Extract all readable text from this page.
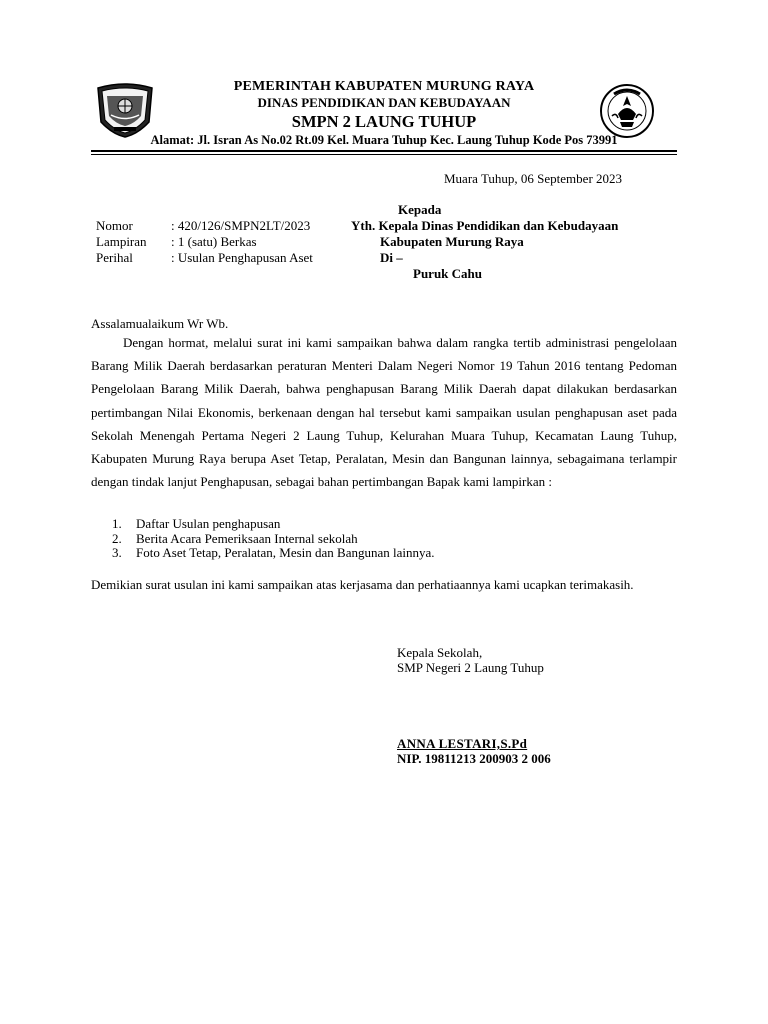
PEMERINTAH KABUPATEN MURUNG RAYA
DINAS PENDIDIKAN DAN KEBUDAYAAN
SMPN 2 LAUNG TUHUP
Alamat: Jl. Isran As No.02 Rt.09 Kel. Muara Tuhup Kec. Laung Tuhup Kode Pos 73991
Muara Tuhup, 06 September 2023
Kepada
Yth. Kepala Dinas Pendidikan dan Kebudayaan
Kabupaten Murung Raya
Di –
Puruk Cahu
Nomor	: 420/126/SMPN2LT/2023
Lampiran	: 1 (satu) Berkas
Perihal	: Usulan Penghapusan Aset
Assalamualaikum Wr Wb.
Dengan hormat, melalui surat ini kami sampaikan bahwa dalam rangka tertib administrasi pengelolaan Barang Milik Daerah berdasarkan peraturan Menteri Dalam Negeri Nomor 19 Tahun 2016 tentang Pedoman Pengelolaan Barang Milik Daerah, bahwa penghapusan Barang Milik Daerah dapat dilakukan berdasarkan pertimbangan Nilai Ekonomis, berkenaan dengan hal tersebut kami sampaikan usulan penghapusan aset pada Sekolah Menengah Pertama Negeri 2 Laung Tuhup, Kelurahan Muara Tuhup, Kecamatan Laung Tuhup, Kabupaten Murung Raya berupa Aset Tetap, Peralatan, Mesin dan Bangunan lainnya, sebagaimana terlampir dengan tindak lanjut Penghapusan, sebagai bahan pertimbangan Bapak kami lampirkan :
1. Daftar Usulan penghapusan
2. Berita Acara Pemeriksaan Internal sekolah
3. Foto Aset Tetap, Peralatan, Mesin dan Bangunan lainnya.
Demikian surat usulan ini kami sampaikan atas kerjasama dan perhatiaannya kami ucapkan terimakasih.
Kepala Sekolah,
SMP Negeri 2 Laung Tuhup
ANNA LESTARI,S.Pd
NIP. 19811213 200903 2 006
